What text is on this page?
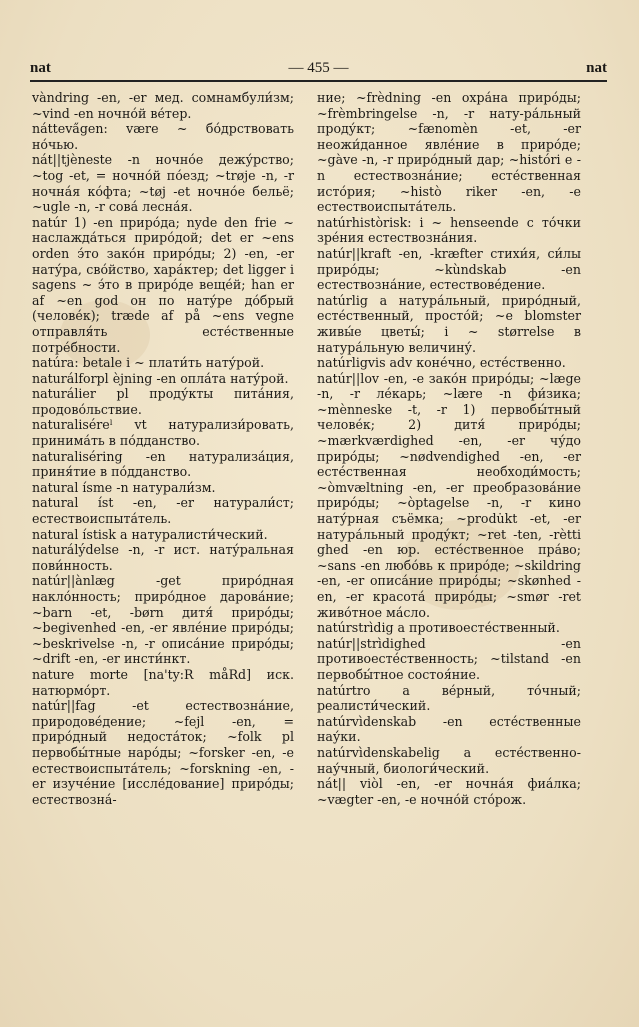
nat	— 455 —	nat
vàndring -en, -er мед. сомнамбули́зм; ~vind -en ночно́й ве́тер.
nátteva̋gen: være ~ бо́дрствовать но́чью.
nát||tjèneste -n ночно́е дежу́рство; ~tog -et, = ночно́й по́езд; ~trøje -n, -r ночна́я ко́фта; ~tøj -et ночно́е бельё; ~ugle -n, -r сова́ лесна́я.
natúr 1) -en приро́да; nyde den frie ~ наслажда́ться приро́дой; det er ~ens orden э́то зако́н приро́ды; 2) -en, -er нату́ра, сво́йство, хара́ктер; det ligger i sagens ~ э́то в приро́де веще́й; han er af ~en god он по нату́ре до́брый (челове́к); træde af på ~ens vegne отправля́ть есте́ственные потре́бности.
natúra: betale i ~ плати́ть нату́рой.
naturálforpl èjning -en опла́та нату́рой.
naturálier pl проду́кты пита́ния, продово́льствие.
naturaliséreˡ vt натурализи́ровать, принима́ть в по́дданство.
naturaliséring -en натурализа́ция, приня́тие в по́дданство.
natural ísme -n натурали́зм.
natural íst -en, -er натурали́ст; естествоиспыта́тель.
natural ístisk a натуралисти́ческий.
naturálýdelse -n, -r ист. нату́ральная пови́нность.
natúr||ànlæg -get приро́дная накло́нность; приро́дное дарова́ние; ~barn -et, -børn дитя́ приро́ды; ~begivenhed -en, -er явле́ние приро́ды; ~beskrivelse -n, -r описа́ние приро́ды; ~drift -en, -er инсти́нкт.
nature morte [na'ty:R måRd] иск. натюрмо́рт.
natúr||fag -et естествозна́ние, природове́дение; ~fejl -en, = приро́дный недоста́ток; ~folk pl первобы́тные наро́ды; ~forsker -en, -e естествоиспыта́тель; ~forskning -en, -er изуче́ние [иссле́дование] приро́ды; естествозна́-
ние; ~frèdning -en охра́на приро́ды; ~frèmbringelse -n, -r нату-ра́льный проду́кт; ~fænomèn -et, -er неожи́данное явле́ние в приро́де; ~gàve -n, -r приро́дный дар; ~históri e -n естествозна́ние; есте́ственная исто́рия; ~histò riker -en, -e естествоиспыта́тель.
natúrhistòrisk: i ~ henseende с то́чки зре́ния естествозна́ния.
natúr||kraft -en, -kræfter стихи́я, си́лы приро́ды; ~kùndskab -en естествозна́ние, естествове́дение.
natúrlig a натура́льный, приро́дный, есте́ственный, просто́й; ~e blomster живы́е цветы́; i ~ størrelse в натура́льную величину́.
natúrligvis adv коне́чно, есте́ственно.
natúr||lov -en, -e зако́н приро́ды; ~læge -n, -r ле́карь; ~lære -n фи́зика; ~mènneske -t, -r 1) первобы́тный челове́к; 2) дитя́ приро́ды; ~mærkværdighed -en, -er чу́до приро́ды; ~nødvendighed -en, -er есте́ственная необходи́мость; ~òmvæltning -en, -er преобразова́ние приро́ды; ~òptagelse -n, -r кино нату́рная съёмка; ~produ̇kt -et, -er натура́льный проду́кт; ~ret -ten, -rètti ghed -en юр. есте́ственное пра́во; ~sans -en любо́вь к приро́де; ~skildring -en, -er описа́ние приро́ды; ~skønhed -en, -er красота́ приро́ды; ~smør -ret живо́тное ма́сло.
natúrstrìdig a противоесте́ственный.
natúr||strìdighed -en противоесте́ственность; ~tilstand -en первобы́тное состоя́ние.
natúrtro a ве́рный, то́чный; реалисти́ческий.
natúrvìdenskab -en есте́ственные нау́ки.
natúrvìdenskabelig a есте́ственно-нау́чный, биологи́ческий.
nát|| viòl -en, -er ночна́я фиа́лка; ~vægter -en, -e ночно́й сто́рож.
